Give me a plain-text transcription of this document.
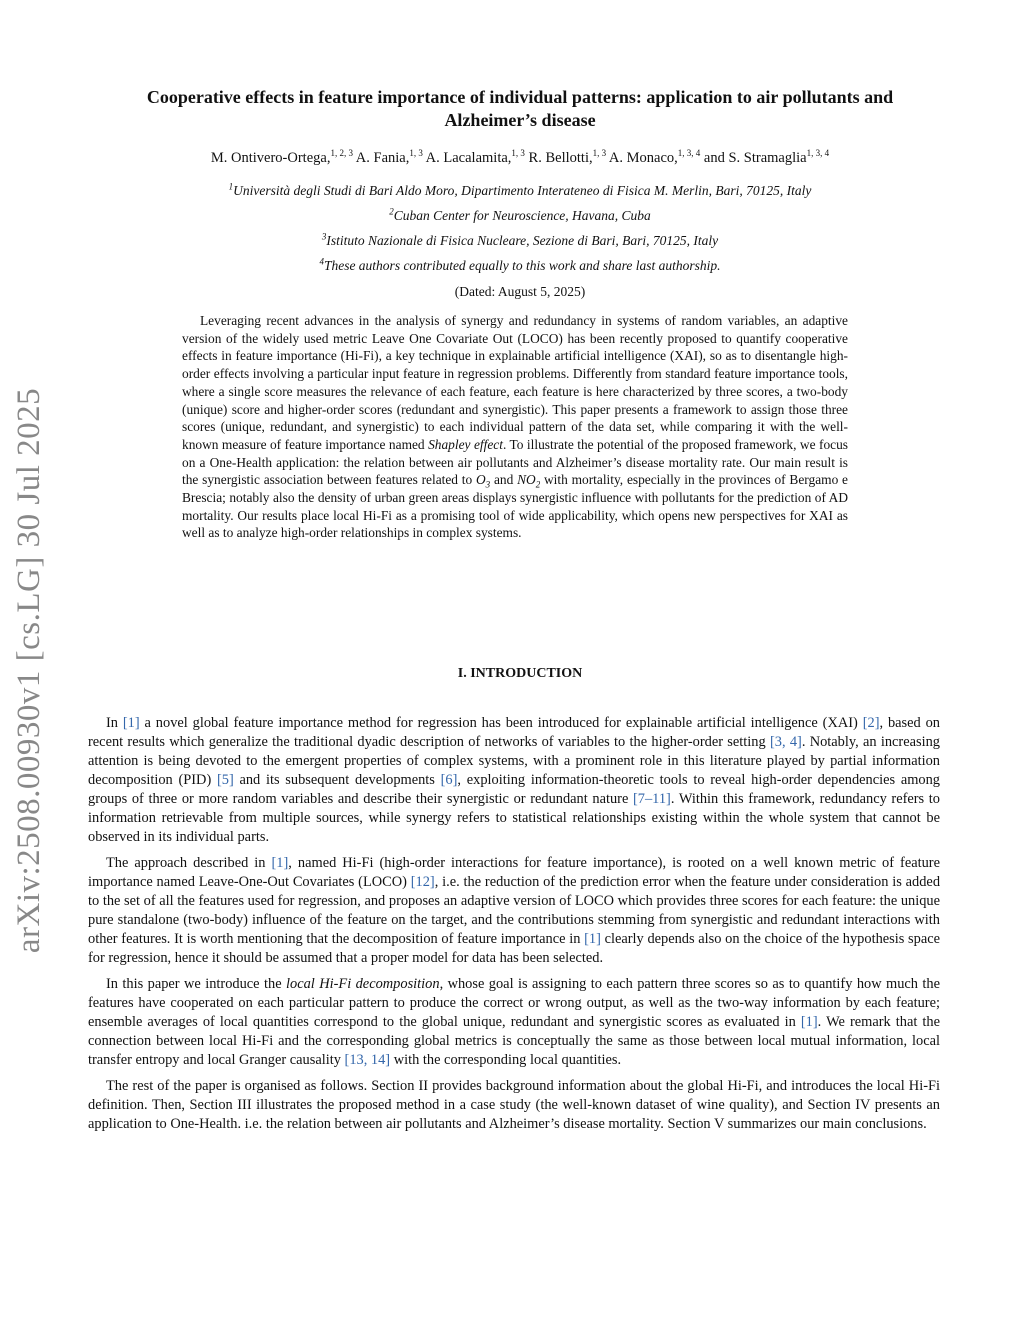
arXiv:2508.00930v1 [cs.LG] 30 Jul 2025
Cooperative effects in feature importance of individual patterns: application to air pollutants and Alzheimer’s disease
M. Ontivero-Ortega,$^{1, 2, 3}$ A. Fania,$^{1, 3}$ A. Lacalamita,$^{1, 3}$ R. Bellotti,$^{1, 3}$ A. Monaco,$^{1, 3, 4}$ and S. Stramaglia$^{1, 3, 4}$
$^1$Università degli Studi di Bari Aldo Moro, Dipartimento Interateneo di Fisica M. Merlin, Bari, 70125, Italy
$^2$Cuban Center for Neuroscience, Havana, Cuba
$^3$Istituto Nazionale di Fisica Nucleare, Sezione di Bari, Bari, 70125, Italy
$^4$These authors contributed equally to this work and share last authorship.
(Dated: August 5, 2025)
Leveraging recent advances in the analysis of synergy and redundancy in systems of random variables, an adaptive version of the widely used metric Leave One Covariate Out (LOCO) has been recently proposed to quantify cooperative effects in feature importance (Hi-Fi), a key technique in explainable artificial intelligence (XAI), so as to disentangle high-order effects involving a particular input feature in regression problems. Differently from standard feature importance tools, where a single score measures the relevance of each feature, each feature is here characterized by three scores, a two-body (unique) score and higher-order scores (redundant and synergistic). This paper presents a framework to assign those three scores (unique, redundant, and synergistic) to each individual pattern of the data set, while comparing it with the well-known measure of feature importance named Shapley effect. To illustrate the potential of the proposed framework, we focus on a One-Health application: the relation between air pollutants and Alzheimer’s disease mortality rate. Our main result is the synergistic association between features related to $O_3$ and $NO_2$ with mortality, especially in the provinces of Bergamo e Brescia; notably also the density of urban green areas displays synergistic influence with pollutants for the prediction of AD mortality. Our results place local Hi-Fi as a promising tool of wide applicability, which opens new perspectives for XAI as well as to analyze high-order relationships in complex systems.
I. INTRODUCTION

In [1] a novel global feature importance method for regression has been introduced for explainable artificial intelligence (XAI) [2], based on recent results which generalize the traditional dyadic description of networks of variables to the higher-order setting [3, 4]. Notably, an increasing attention is being devoted to the emergent properties of complex systems, with a prominent role in this literature played by partial information decomposition (PID) [5] and its subsequent developments [6], exploiting information-theoretic tools to reveal high-order dependencies among groups of three or more random variables and describe their synergistic or redundant nature [7–11]. Within this framework, redundancy refers to information retrievable from multiple sources, while synergy refers to statistical relationships existing within the whole system that cannot be observed in its individual parts.

The approach described in [1], named Hi-Fi (high-order interactions for feature importance), is rooted on a well known metric of feature importance named Leave-One-Out Covariates (LOCO) [12], i.e. the reduction of the prediction error when the feature under consideration is added to the set of all the features used for regression, and proposes an adaptive version of LOCO which provides three scores for each feature: the unique pure standalone (two-body) influence of the feature on the target, and the contributions stemming from synergistic and redundant interactions with other features. It is worth mentioning that the decomposition of feature importance in [1] clearly depends also on the choice of the hypothesis space for regression, hence it should be assumed that a proper model for data has been selected.

In this paper we introduce the local Hi-Fi decomposition, whose goal is assigning to each pattern three scores so as to quantify how much the features have cooperated on each particular pattern to produce the correct or wrong output, as well as the two-way information by each feature; ensemble averages of local quantities correspond to the global unique, redundant and synergistic scores as evaluated in [1]. We remark that the connection between local Hi-Fi and the corresponding global metrics is conceptually the same as those between local mutual information, local transfer entropy and local Granger causality [13, 14] with the corresponding local quantities.

The rest of the paper is organised as follows. Section II provides background information about the global Hi-Fi, and introduces the local Hi-Fi definition. Then, Section III illustrates the proposed method in a case study (the well-known dataset of wine quality), and Section IV presents an application to One-Health. i.e. the relation between air pollutants and Alzheimer’s disease mortality. Section V summarizes our main conclusions.
